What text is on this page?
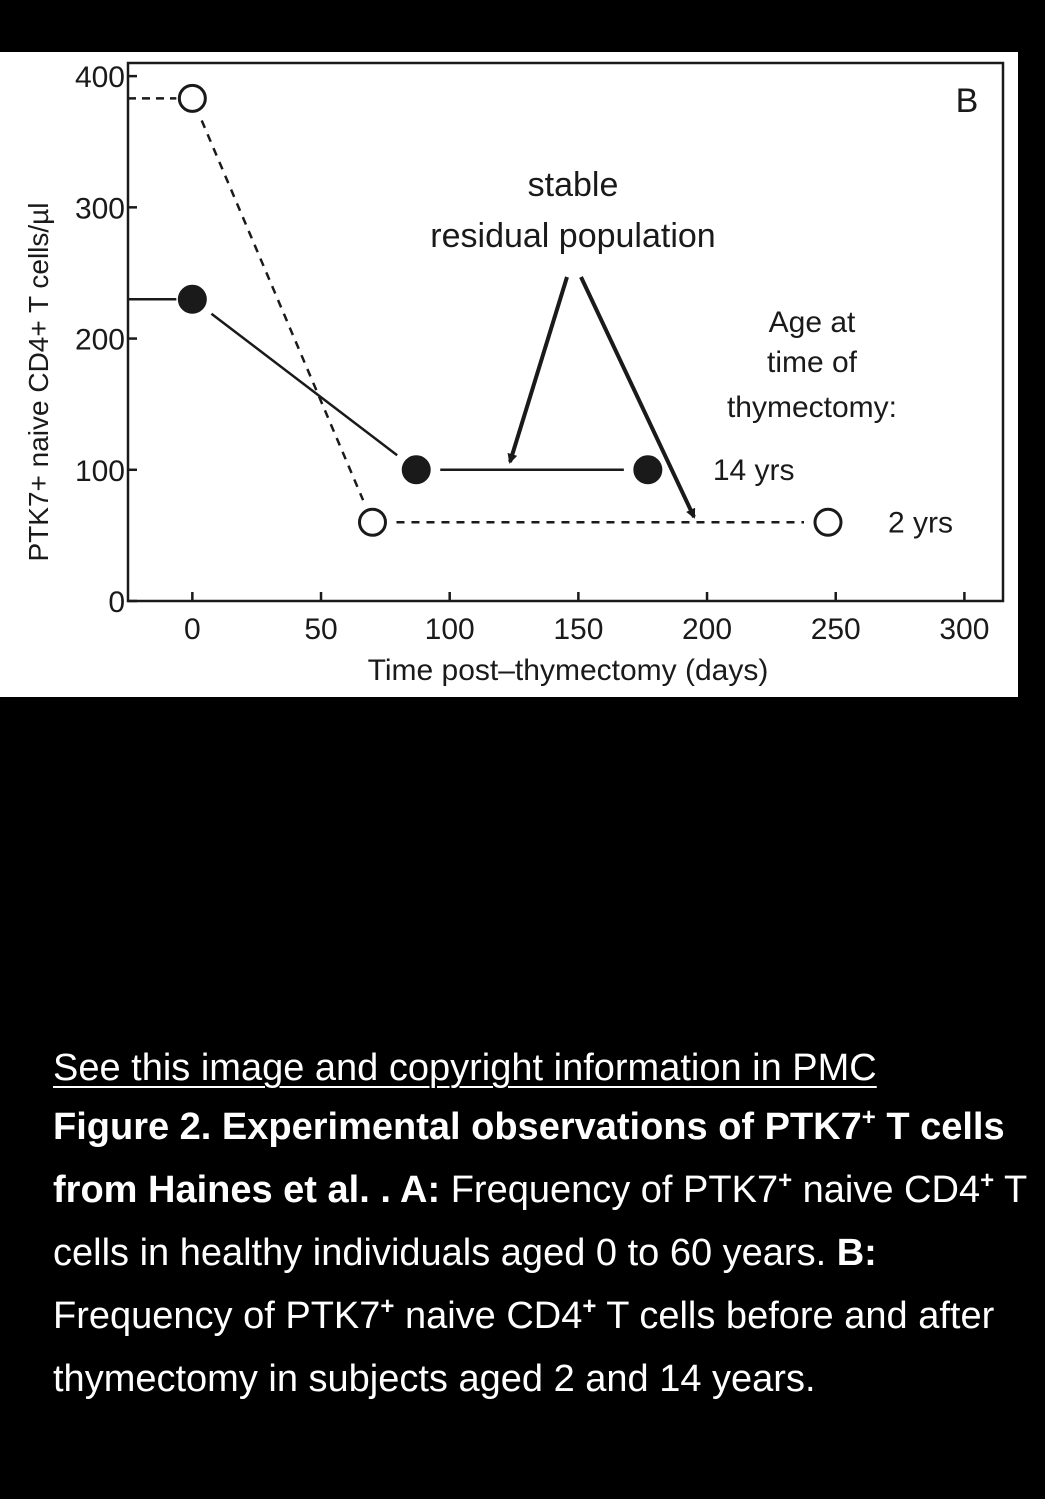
0
100
200
300
400
0	50	100	150	200	250	300
14 yrs
2 yrs
B
stable
residual population
Age at
time of
thymectomy:
Time post–thymectomy (days)
PTK7+ naive CD4+ T cells/µl
See this image and copyright information in PMC
Figure 2. Experimental observations of PTK7+ T cells from Haines et al. . A: Frequency of PTK7+ naive CD4+ T cells in healthy individuals aged 0 to 60 years. B: Frequency of PTK7+ naive CD4+ T cells before and after thymectomy in subjects aged 2 and 14 years.
